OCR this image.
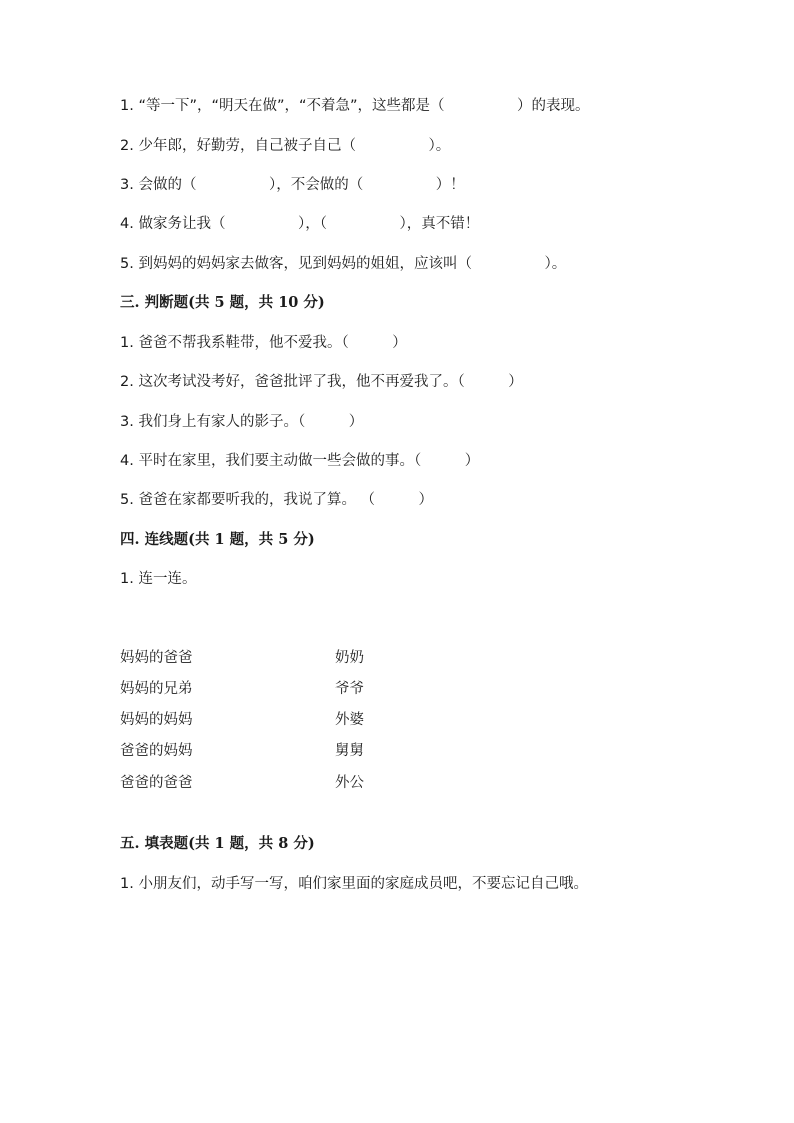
1. “等一下”，“明天在做”，“不着急”，这些都是（　　　　　）的表现。
2. 少年郎，好勤劳，自己被子自己（　　　　　）。
3. 会做的（　　　　　），不会做的（　　　　　）！
4. 做家务让我（　　　　　），（　　　　　），真不错！
5. 到妈妈的妈妈家去做客，见到妈妈的姐姐，应该叫（　　　　　）。
三. 判断题(共 5 题，共 10 分)
1. 爸爸不帮我系鞋带，他不爱我。（　　　）
2. 这次考试没考好，爸爸批评了我，他不再爱我了。（　　　）
3. 我们身上有家人的影子。（　　　）
4. 平时在家里，我们要主动做一些会做的事。（　　　）
5. 爸爸在家都要听我的，我说了算。 （　　　）
四. 连线题(共 1 题，共 5 分)
1. 连一连。
妈妈的爸爸
妈妈的兄弟
妈妈的妈妈
爸爸的妈妈
爸爸的爸爸
奶奶
爷爷
外婆
舅舅
外公
五. 填表题(共 1 题，共 8 分)
1. 小朋友们，动手写一写，咱们家里面的家庭成员吧，不要忘记自己哦。
